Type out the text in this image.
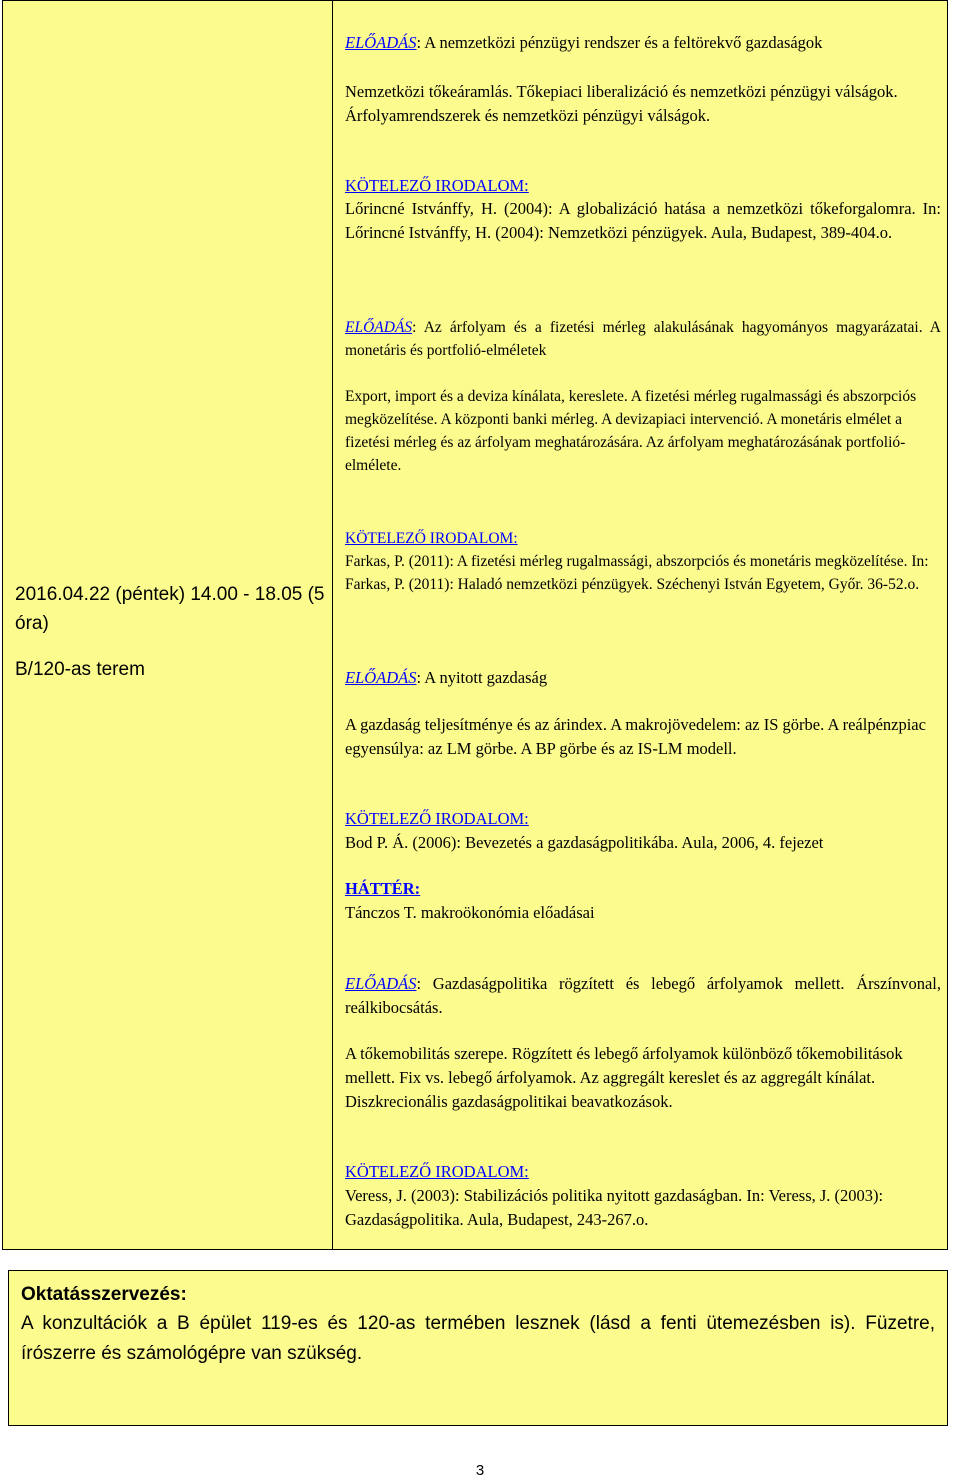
2016.04.22 (péntek) 14.00 - 18.05 (5 óra)
B/120-as terem
ELŐADÁS: A nemzetközi pénzügyi rendszer és a feltörekvő gazdaságok
Nemzetközi tőkeáramlás. Tőkepiaci liberalizáció és nemzetközi pénzügyi válságok. Árfolyamrendszerek és nemzetközi pénzügyi válságok.
KÖTELEZŐ IRODALOM:
Lőrincné Istvánffy, H. (2004): A globalizáció hatása a nemzetközi tőkeforgalomra. In: Lőrincné Istvánffy, H. (2004): Nemzetközi pénzügyek. Aula, Budapest, 389-404.o.
ELŐADÁS: Az árfolyam és a fizetési mérleg alakulásának hagyományos magyarázatai. A monetáris és portfolió-elméletek
Export, import és a deviza kínálata, kereslete. A fizetési mérleg rugalmassági és abszorpciós megközelítése. A központi banki mérleg. A devizapiaci intervenció. A monetáris elmélet a fizetési mérleg és az árfolyam meghatározására. Az árfolyam meghatározásának portfolió-elmélete.
KÖTELEZŐ IRODALOM:
Farkas, P. (2011): A fizetési mérleg rugalmassági, abszorpciós és monetáris megközelítése. In: Farkas, P. (2011): Haladó nemzetközi pénzügyek. Széchenyi István Egyetem, Győr. 36-52.o.
ELŐADÁS: A nyitott gazdaság
A gazdaság teljesítménye és az árindex. A makrojövedelem: az IS görbe. A reálpénzpiac egyensúlya: az LM görbe. A BP görbe és az IS-LM modell.
KÖTELEZŐ IRODALOM:
Bod P. Á. (2006): Bevezetés a gazdaságpolitikába. Aula, 2006, 4. fejezet
HÁTTÉR:
Tánczos T. makroökonómia előadásai
ELŐADÁS: Gazdaságpolitika rögzített és lebegő árfolyamok mellett. Árszínvonal, reálkibocsátás.
A tőkemobilitás szerepe. Rögzített és lebegő árfolyamok különböző tőkemobilitások mellett. Fix vs. lebegő árfolyamok. Az aggregált kereslet és az aggregált kínálat. Diszkrecionális gazdaságpolitikai beavatkozások.
KÖTELEZŐ IRODALOM:
Veress, J. (2003): Stabilizációs politika nyitott gazdaságban. In: Veress, J. (2003): Gazdaságpolitika. Aula, Budapest, 243-267.o.
Oktatásszervezés:
A konzultációk a B épület 119-es és 120-as termében lesznek (lásd a fenti ütemezésben is). Füzetre, írószerre és számológépre van szükség.
3
